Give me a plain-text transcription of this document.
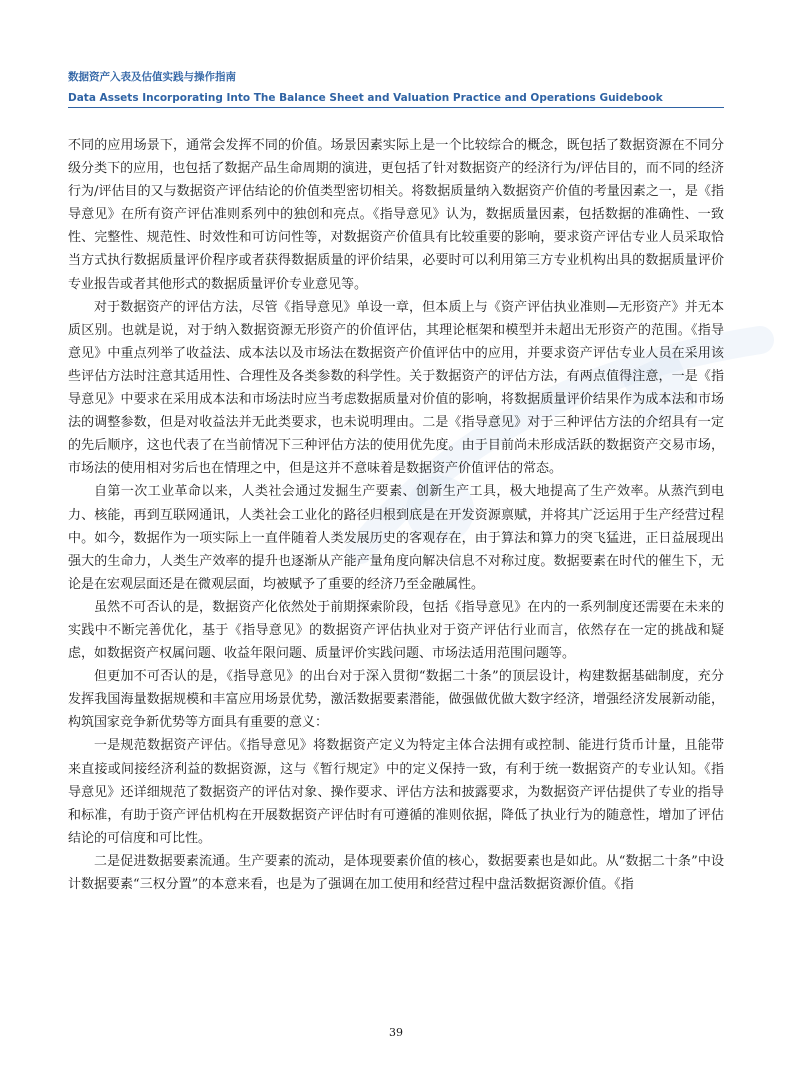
数据资产入表及估值实践与操作指南
Data Assets Incorporating Into The Balance Sheet and Valuation Practice and Operations Guidebook

不同的应用场景下，通常会发挥不同的价值。场景因素实际上是一个比较综合的概念，既包括了数据资源在不同分级分类下的应用，也包括了数据产品生命周期的演进，更包括了针对数据资产的经济行为/评估目的，而不同的经济行为/评估目的又与数据资产评估结论的价值类型密切相关。将数据质量纳入数据资产价值的考量因素之一，是《指导意见》在所有资产评估准则系列中的独创和亮点。《指导意见》认为，数据质量因素，包括数据的准确性、一致性、完整性、规范性、时效性和可访问性等，对数据资产价值具有比较重要的影响，要求资产评估专业人员采取恰当方式执行数据质量评价程序或者获得数据质量的评价结果，必要时可以利用第三方专业机构出具的数据质量评价专业报告或者其他形式的数据质量评价专业意见等。

对于数据资产的评估方法，尽管《指导意见》单设一章，但本质上与《资产评估执业准则—无形资产》并无本质区别。也就是说，对于纳入数据资源无形资产的价值评估，其理论框架和模型并未超出无形资产的范围。《指导意见》中重点列举了收益法、成本法以及市场法在数据资产价值评估中的应用，并要求资产评估专业人员在采用该些评估方法时注意其适用性、合理性及各类参数的科学性。关于数据资产的评估方法，有两点值得注意，一是《指导意见》中要求在采用成本法和市场法时应当考虑数据质量对价值的影响，将数据质量评价结果作为成本法和市场法的调整参数，但是对收益法并无此类要求，也未说明理由。二是《指导意见》对于三种评估方法的介绍具有一定的先后顺序，这也代表了在当前情况下三种评估方法的使用优先度。由于目前尚未形成活跃的数据资产交易市场，市场法的使用相对劣后也在情理之中，但是这并不意味着是数据资产价值评估的常态。

自第一次工业革命以来，人类社会通过发掘生产要素、创新生产工具，极大地提高了生产效率。从蒸汽到电力、核能，再到互联网通讯，人类社会工业化的路径归根到底是在开发资源禀赋，并将其广泛运用于生产经营过程中。如今，数据作为一项实际上一直伴随着人类发展历史的客观存在，由于算法和算力的突飞猛进，正日益展现出强大的生命力，人类生产效率的提升也逐渐从产能产量角度向解决信息不对称过度。数据要素在时代的催生下，无论是在宏观层面还是在微观层面，均被赋予了重要的经济乃至金融属性。

虽然不可否认的是，数据资产化依然处于前期探索阶段，包括《指导意见》在内的一系列制度还需要在未来的实践中不断完善优化，基于《指导意见》的数据资产评估执业对于资产评估行业而言，依然存在一定的挑战和疑虑，如数据资产权属问题、收益年限问题、质量评价实践问题、市场法适用范围问题等。

但更加不可否认的是，《指导意见》的出台对于深入贯彻“数据二十条”的顶层设计，构建数据基础制度，充分发挥我国海量数据规模和丰富应用场景优势，激活数据要素潜能，做强做优做大数字经济，增强经济发展新动能，构筑国家竞争新优势等方面具有重要的意义：

一是规范数据资产评估。《指导意见》将数据资产定义为特定主体合法拥有或控制、能进行货币计量，且能带来直接或间接经济利益的数据资源，这与《暂行规定》中的定义保持一致，有利于统一数据资产的专业认知。《指导意见》还详细规范了数据资产的评估对象、操作要求、评估方法和披露要求，为数据资产评估提供了专业的指导和标准，有助于资产评估机构在开展数据资产评估时有可遵循的准则依据，降低了执业行为的随意性，增加了评估结论的可信度和可比性。

二是促进数据要素流通。生产要素的流动，是体现要素价值的核心，数据要素也是如此。从“数据二十条”中设计数据要素“三权分置”的本意来看，也是为了强调在加工使用和经营过程中盘活数据资源价值。《指

39
